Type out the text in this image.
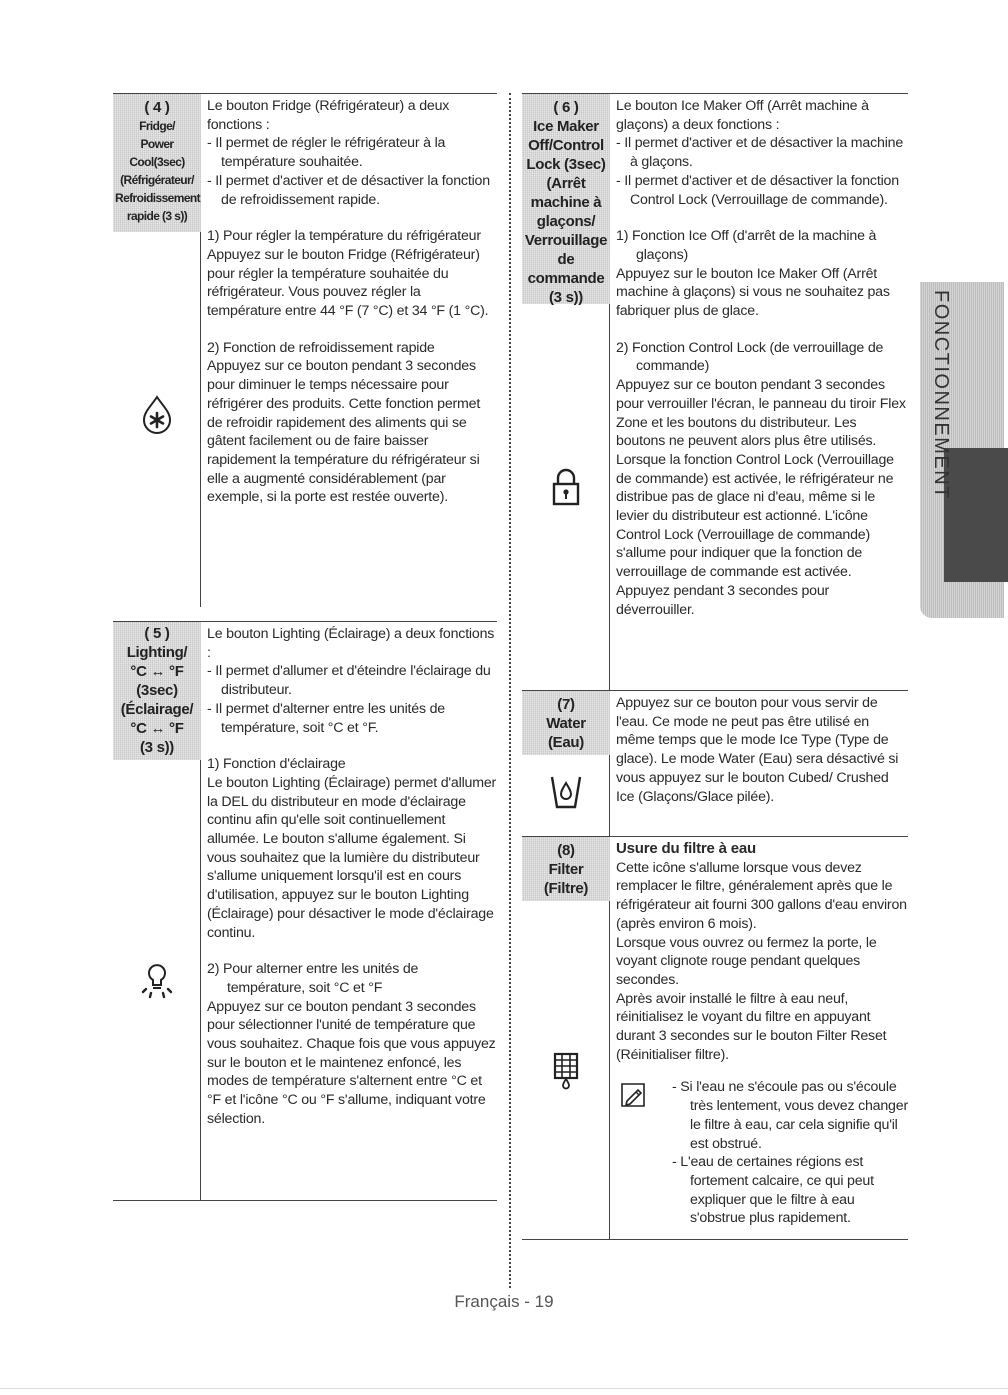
( 4 )
Fridge/
Power
Cool(3sec)
(Réfrigérateur/
Refroidissement
rapide (3 s))

Le bouton Fridge (Réfrigérateur) a deux fonctions :

- Il permet de régler le réfrigérateur à la température souhaitée.

- Il permet d'activer et de désactiver la fonction de refroidissement rapide.

1) Pour régler la température du réfrigérateur

Appuyez sur le bouton Fridge (Réfrigérateur) pour régler la température souhaitée du réfrigérateur. Vous pouvez régler la température entre 44 °F (7 °C) et 34 °F (1 °C).

2) Fonction de refroidissement rapide

Appuyez sur ce bouton pendant 3 secondes pour diminuer le temps nécessaire pour réfrigérer des produits. Cette fonction permet de refroidir rapidement des aliments qui se gâtent facilement ou de faire baisser rapidement la température du réfrigérateur si elle a augmenté considérablement (par exemple, si la porte est restée ouverte).

( 5 )
Lighting/
°C ↔ °F
(3sec)
(Éclairage/
°C ↔ °F
(3 s))

Le bouton Lighting (Éclairage) a deux fonctions :

- Il permet d'allumer et d'éteindre l'éclairage du distributeur.

- Il permet d'alterner entre les unités de température, soit °C et °F.

1) Fonction d'éclairage

Le bouton Lighting (Éclairage) permet d'allumer la DEL du distributeur en mode d'éclairage continu afin qu'elle soit continuellement allumée. Le bouton s'allume également. Si vous souhaitez que la lumière du distributeur s'allume uniquement lorsqu'il est en cours d'utilisation, appuyez sur le bouton Lighting (Éclairage) pour désactiver le mode d'éclairage continu.

2) Pour alterner entre les unités de température, soit °C et °F

Appuyez sur ce bouton pendant 3 secondes pour sélectionner l'unité de température que vous souhaitez. Chaque fois que vous appuyez sur le bouton et le maintenez enfoncé, les modes de température s'alternent entre °C et °F et l'icône °C ou °F s'allume, indiquant votre sélection.

( 6 )
Ice Maker
Off/Control
Lock (3sec)
(Arrêt
machine à
glaçons/
Verrouillage
de
commande
(3 s))

Le bouton Ice Maker Off (Arrêt machine à glaçons) a deux fonctions :

- Il permet d'activer et de désactiver la machine à glaçons.

- Il permet d'activer et de désactiver la fonction Control Lock (Verrouillage de commande).

1) Fonction Ice Off (d'arrêt de la machine à glaçons)

Appuyez sur le bouton Ice Maker Off (Arrêt machine à glaçons) si vous ne souhaitez pas fabriquer plus de glace.

2) Fonction Control Lock (de verrouillage de commande)

Appuyez sur ce bouton pendant 3 secondes pour verrouiller l'écran, le panneau du tiroir Flex Zone et les boutons du distributeur. Les boutons ne peuvent alors plus être utilisés. Lorsque la fonction Control Lock (Verrouillage de commande) est activée, le réfrigérateur ne distribue pas de glace ni d'eau, même si le levier du distributeur est actionné. L'icône Control Lock (Verrouillage de commande) s'allume pour indiquer que la fonction de verrouillage de commande est activée. Appuyez pendant 3 secondes pour déverrouiller.

(7)
Water
(Eau)

Appuyez sur ce bouton pour vous servir de l'eau. Ce mode ne peut pas être utilisé en même temps que le mode Ice Type (Type de glace). Le mode Water (Eau) sera désactivé si vous appuyez sur le bouton Cubed/ Crushed Ice (Glaçons/Glace pilée).

(8)
Filter
(Filtre)

Usure du filtre à eau

Cette icône s'allume lorsque vous devez remplacer le filtre, généralement après que le réfrigérateur ait fourni 300 gallons d'eau environ (après environ 6 mois).

Lorsque vous ouvrez ou fermez la porte, le voyant clignote rouge pendant quelques secondes.

Après avoir installé le filtre à eau neuf, réinitialisez le voyant du filtre en appuyant durant 3 secondes sur le bouton Filter Reset (Réinitialiser filtre).

- Si l'eau ne s'écoule pas ou s'écoule très lentement, vous devez changer le filtre à eau, car cela signifie qu'il est obstrué.

- L'eau de certaines régions est fortement calcaire, ce qui peut expliquer que le filtre à eau s'obstrue plus rapidement.

FONCTIONNEMENT
Français - 19
